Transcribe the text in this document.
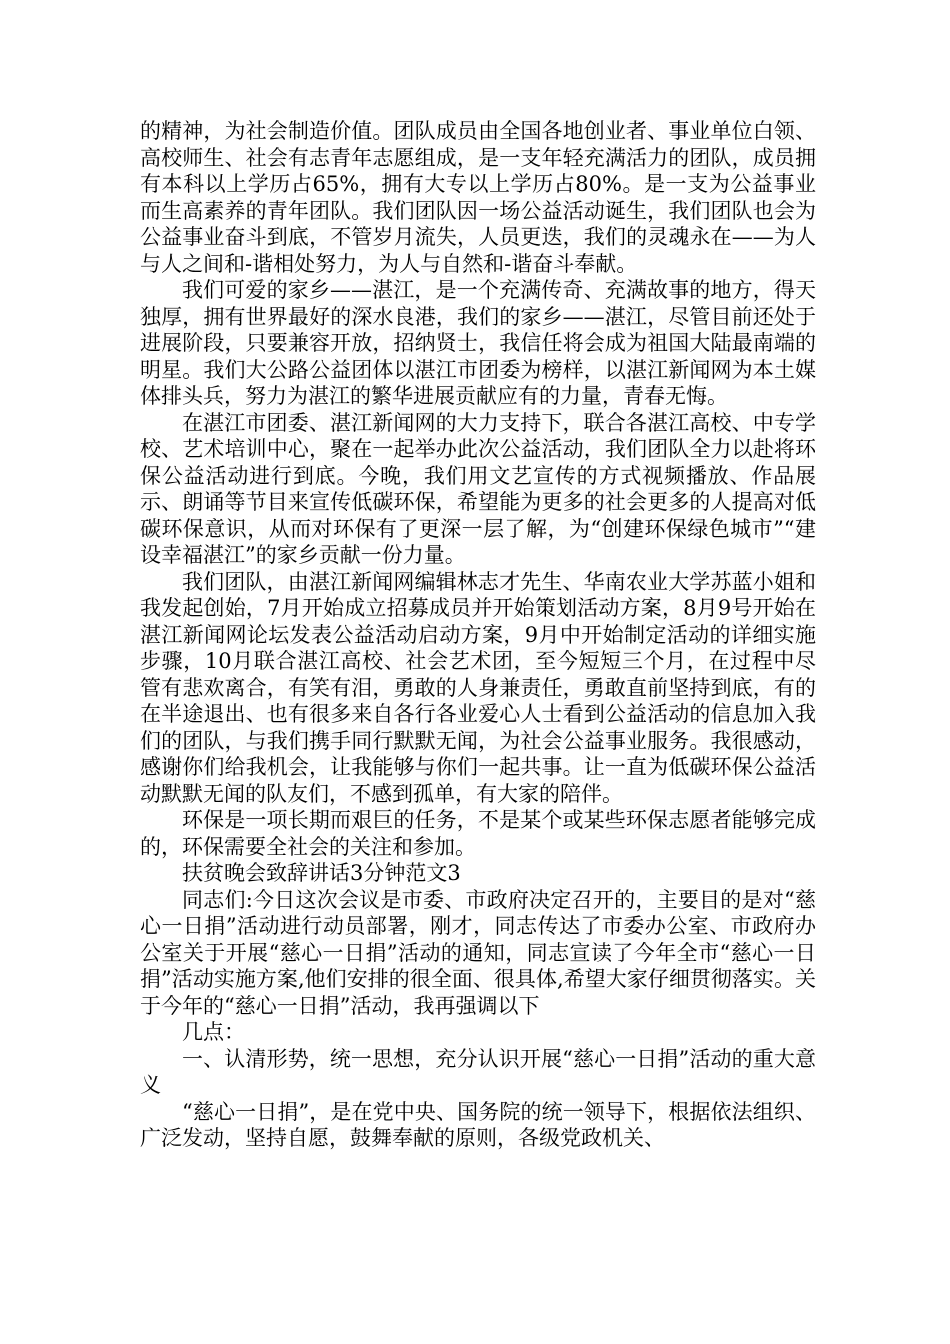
的精神，为社会制造价值。团队成员由全国各地创业者、事业单位白领、高校师生、社会有志青年志愿组成，是一支年轻充满活力的团队，成员拥有本科以上学历占65%，拥有大专以上学历占80%。是一支为公益事业而生高素养的青年团队。我们团队因一场公益活动诞生，我们团队也会为公益事业奋斗到底，不管岁月流失，人员更迭，我们的灵魂永在——为人与人之间和-谐相处努力，为人与自然和-谐奋斗奉献。

我们可爱的家乡——湛江，是一个充满传奇、充满故事的地方，得天独厚，拥有世界最好的深水良港，我们的家乡——湛江，尽管目前还处于进展阶段，只要兼容开放，招纳贤士，我信任将会成为祖国大陆最南端的明星。我们大公路公益团体以湛江市团委为榜样，以湛江新闻网为本土媒体排头兵，努力为湛江的繁华进展贡献应有的力量，青春无悔。

在湛江市团委、湛江新闻网的大力支持下，联合各湛江高校、中专学校、艺术培训中心，聚在一起举办此次公益活动，我们团队全力以赴将环保公益活动进行到底。今晚，我们用文艺宣传的方式视频播放、作品展示、朗诵等节目来宣传低碳环保，希望能为更多的社会更多的人提高对低碳环保意识，从而对环保有了更深一层了解，为“创建环保绿色城市”“建设幸福湛江”的家乡贡献一份力量。

我们团队，由湛江新闻网编辑林志才先生、华南农业大学苏蓝小姐和我发起创始，7月开始成立招募成员并开始策划活动方案，8月9号开始在湛江新闻网论坛发表公益活动启动方案，9月中开始制定活动的详细实施步骤，10月联合湛江高校、社会艺术团，至今短短三个月，在过程中尽管有悲欢离合，有笑有泪，勇敢的人身兼责任，勇敢直前坚持到底，有的在半途退出、也有很多来自各行各业爱心人士看到公益活动的信息加入我们的团队，与我们携手同行默默无闻，为社会公益事业服务。我很感动，感谢你们给我机会，让我能够与你们一起共事。让一直为低碳环保公益活动默默无闻的队友们，不感到孤单，有大家的陪伴。

环保是一项长期而艰巨的任务，不是某个或某些环保志愿者能够完成的，环保需要全社会的关注和参加。

扶贫晚会致辞讲话3分钟范文3

同志们:今日这次会议是市委、市政府决定召开的，主要目的是对“慈心一日捐”活动进行动员部署，刚才，同志传达了市委办公室、市政府办公室关于开展“慈心一日捐”活动的通知，同志宣读了今年全市“慈心一日捐”活动实施方案,他们安排的很全面、很具体,希望大家仔细贯彻落实。关于今年的“慈心一日捐”活动，我再强调以下

几点：

一、认清形势，统一思想，充分认识开展“慈心一日捐”活动的重大意义

“慈心一日捐”，是在党中央、国务院的统一领导下，根据依法组织、广泛发动，坚持自愿，鼓舞奉献的原则，各级党政机关、
